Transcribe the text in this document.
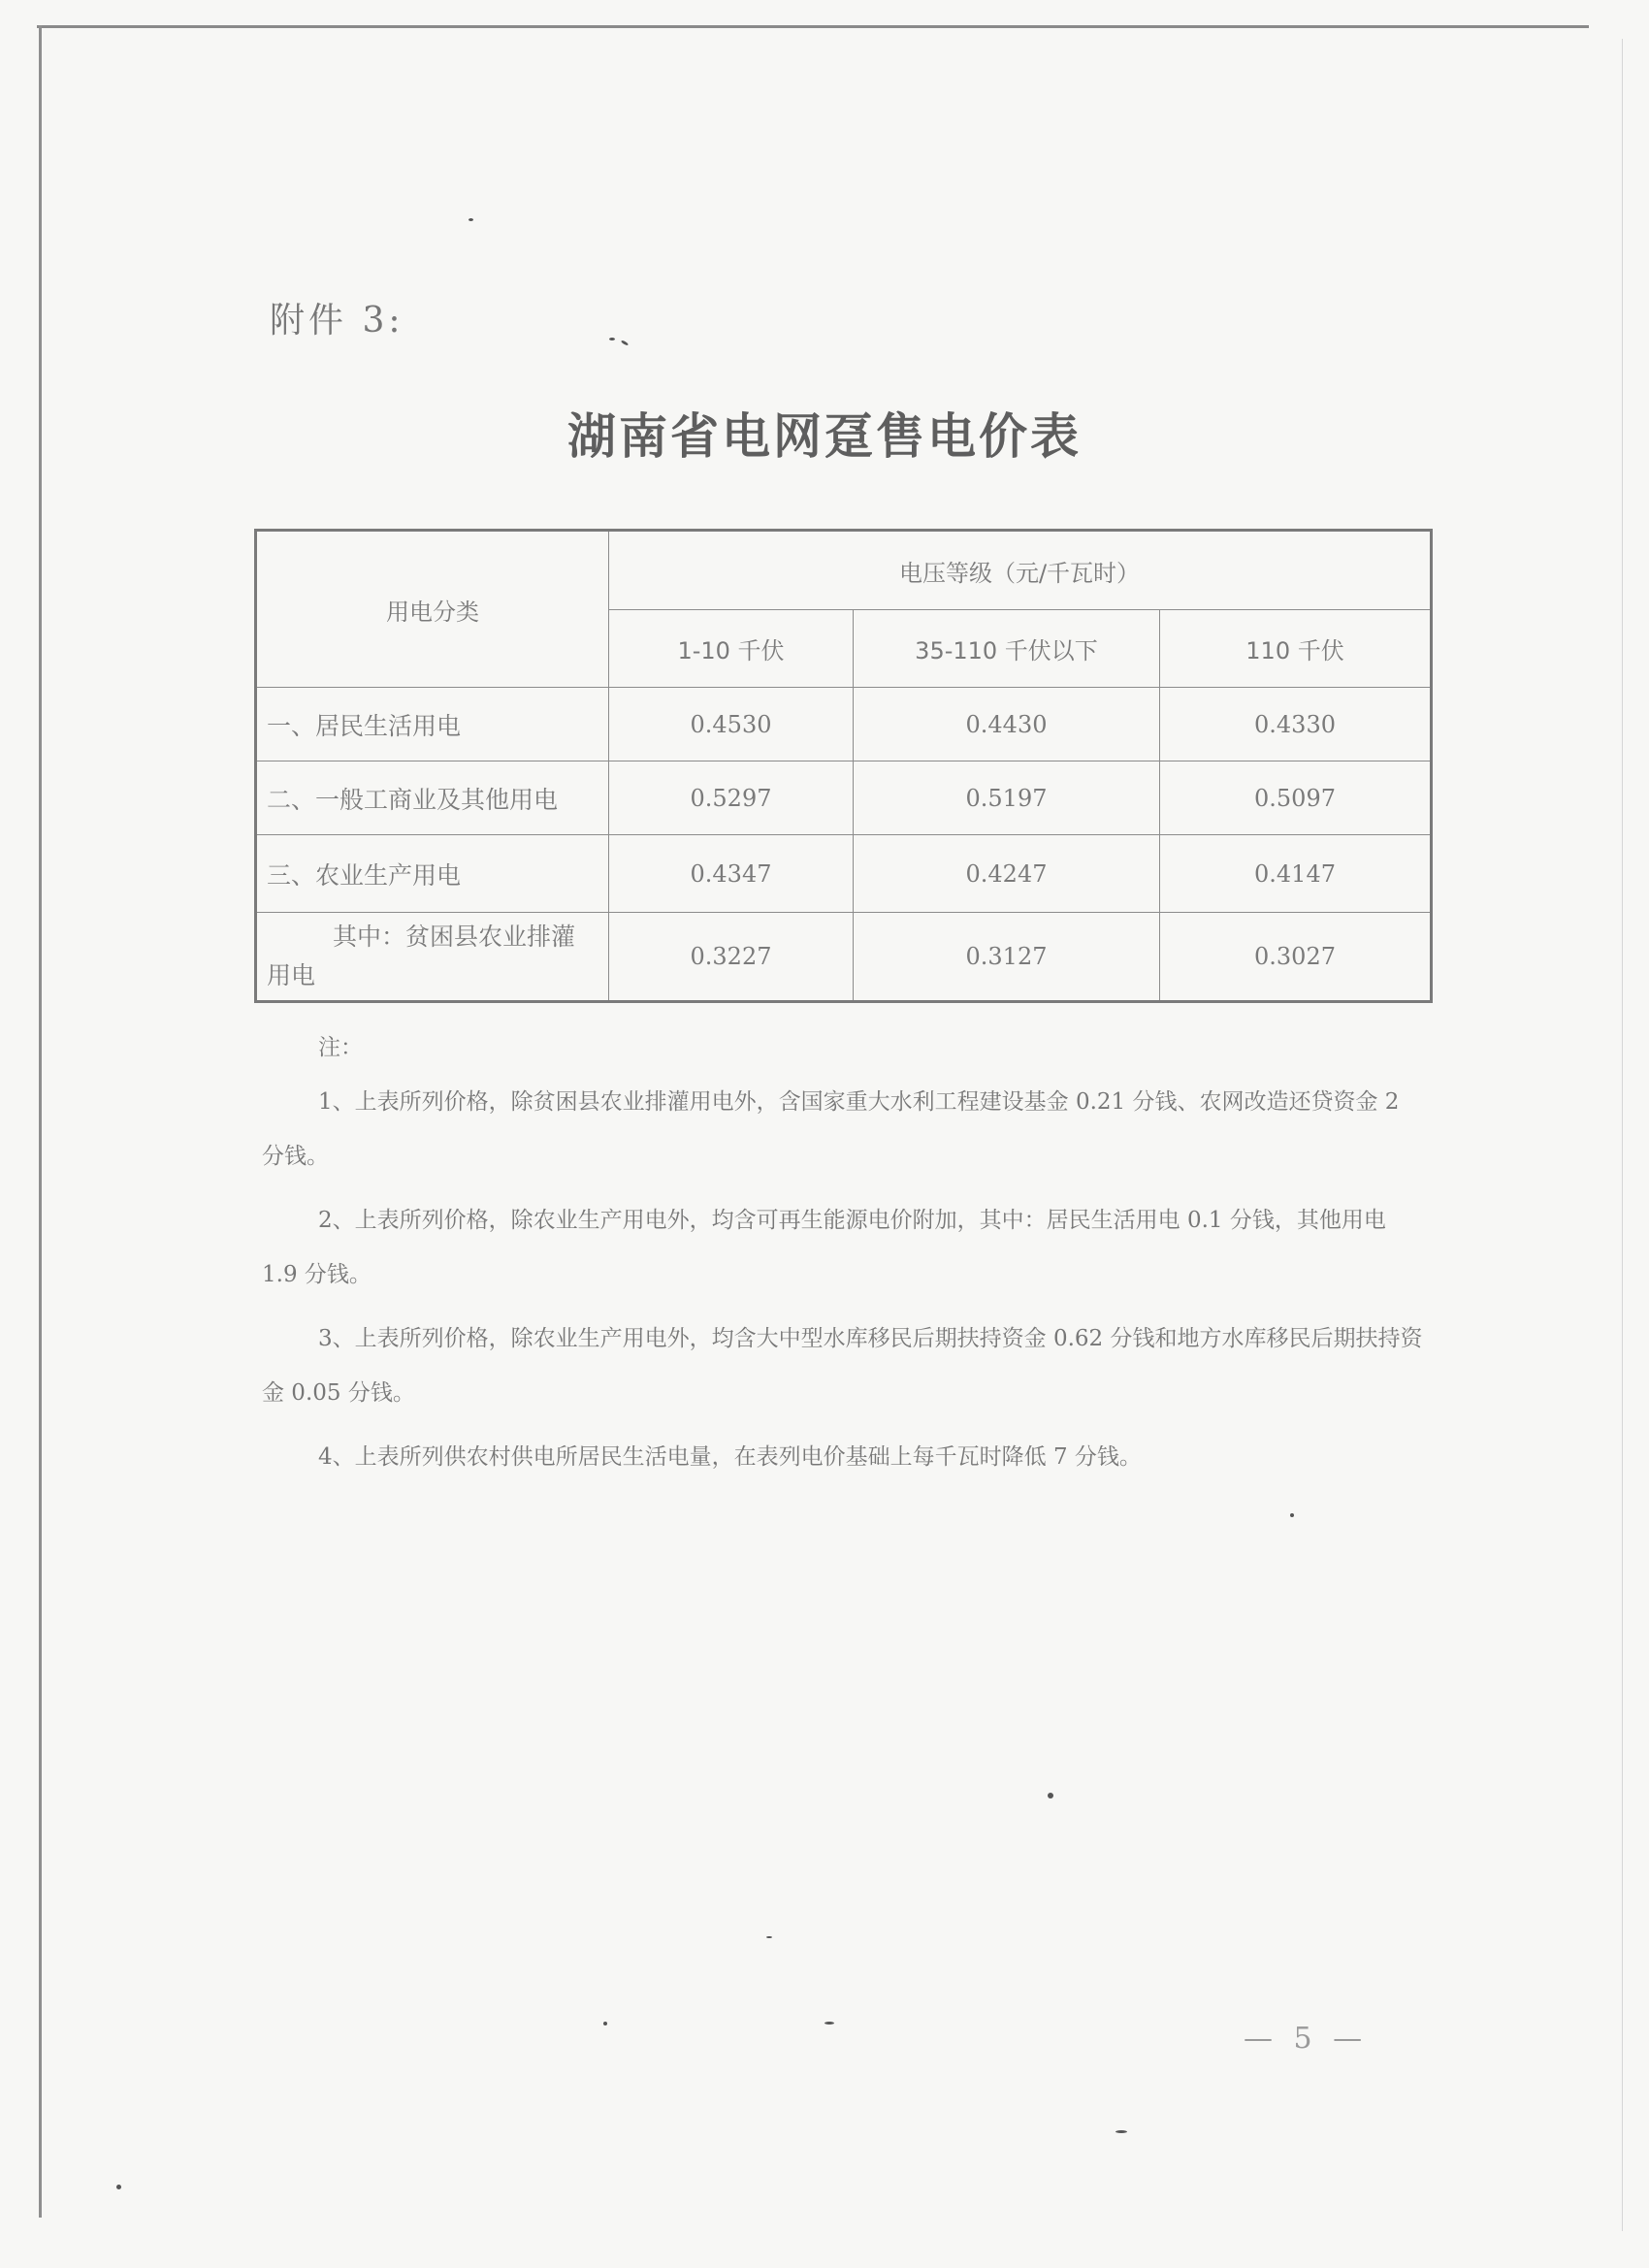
附件 3:
湖南省电网趸售电价表
用电分类	电压等级（元/千瓦时）		
	1-10 千伏	35-110 千伏以下	110 千伏
一、居民生活用电	0.4530	0.4430	0.4330
二、一般工商业及其他用电	0.5297	0.5197	0.5097
三、农业生产用电	0.4347	0.4247	0.4147
其中：贫困县农业排灌用电	0.3227	0.3127	0.3027

注：

1、上表所列价格，除贫困县农业排灌用电外，含国家重大水利工程建设基金 0.21 分钱、农网改造还贷资金 2 分钱。

2、上表所列价格，除农业生产用电外，均含可再生能源电价附加，其中：居民生活用电 0.1 分钱，其他用电 1.9 分钱。

3、上表所列价格，除农业生产用电外，均含大中型水库移民后期扶持资金 0.62 分钱和地方水库移民后期扶持资金 0.05 分钱。

4、上表所列供农村供电所居民生活电量，在表列电价基础上每千瓦时降低 7 分钱。

— 5 —
